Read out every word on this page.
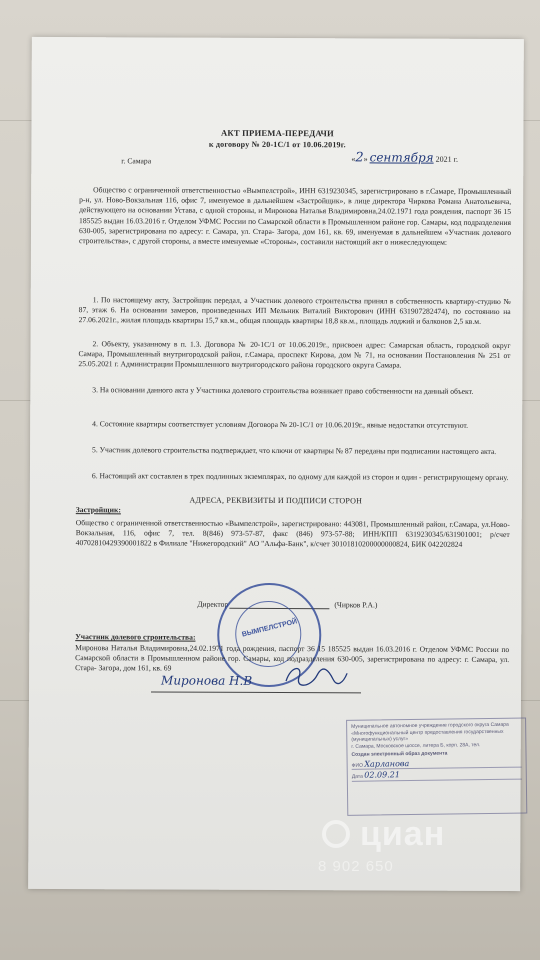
АКТ ПРИЕМА-ПЕРЕДАЧИ
к договору № 20-1С/1 от 10.06.2019г.
г. Самара	«2» сентября 2021 г.
Общество с ограниченной ответственностью «Вымпелстрой», ИНН 6319230345, зарегистрировано в г.Самаре, Промышленный р-н, ул. Ново-Вокзальная 116, офис 7, именуемое в дальнейшем «Застройщик», в лице директора Чиркова Романа Анатольевича, действующего на основании Устава, с одной стороны, и Миронова Наталья Владимировна,24.02.1971 года рождения, паспорт 36 15 185525 выдан 16.03.2016 г. Отделом УФМС России по Самарской области в Промышленном районе гор. Самары, код подразделения 630-005, зарегистрирована по адресу: г. Самара, ул. Стара- Загора, дом 161, кв. 69, именуемая в дальнейшем «Участник долевого строительства», с другой стороны, а вместе именуемые «Стороны», составили настоящий акт о нижеследующем:
1. По настоящему акту, Застройщик передал, а Участник долевого строительства принял в собственность квартиру-студию № 87, этаж 6. На основании замеров, произведенных ИП Мельник Виталий Викторович (ИНН 631907282474), по состоянию на 27.06.2021г., жилая площадь квартиры 15,7 кв.м., общая площадь квартиры 18,8 кв.м., площадь лоджий и балконов 2,5 кв.м.
2. Объекту, указанному в п. 1.3. Договора № 20-1С/1 от 10.06.2019г., присвоен адрес: Самарская область, городской округ Самара, Промышленный внутригородской район, г.Самара, проспект Кирова, дом № 71, на основании Постановления № 251 от 25.05.2021 г. Администрации Промышленного внутригородского района городского округа Самара.
3. На основании данного акта у Участника долевого строительства возникает право собственности на данный объект.
4. Состояние квартиры соответствует условиям Договора № 20-1С/1 от 10.06.2019г., явные недостатки отсутствуют.
5. Участник долевого строительства подтверждает, что ключи от квартиры № 87 переданы при подписании настоящего акта.
6. Настоящий акт составлен в трех подлинных экземплярах, по одному для каждой из сторон и один - регистрирующему органу.
АДРЕСА, РЕКВИЗИТЫ И ПОДПИСИ СТОРОН
Застройщик:
Общество с ограниченной ответственностью «Вымпелстрой», зарегистрировано: 443081, Промышленный район, г.Самара, ул.Ново-Вокзальная, 116, офис 7, тел. 8(846) 973-57-87, факс (846) 973-57-88; ИНН/КПП 6319230345/631901001; р/счет 40702810429390001822 в Филиале "Нижегородский" АО "Альфа-Банк", к/счет 30101810200000000824, БИК 042202824
Директор	(Чирков Р.А.)
ВЫМПЕЛСТРОЙ
Участник долевого строительства:
Миронова Наталья Владимировна,24.02.1971 года рождения, паспорт 36 15 185525 выдан 16.03.2016 г. Отделом УФМС России по Самарской области в Промышленном районе гор. Самары, код подразделения 630-005, зарегистрирована по адресу: г. Самара, ул. Стара- Загора, дом 161, кв. 69
Миронова Н.В
Муниципальное автономное учреждение городского округа Самара «Многофункциональный центр предоставления государственных (муниципальных) услуг»
г. Самара, Московское шоссе, литера Б, корп. 28А, тел.
Создан электронный образ документа
ФИО Харланова
Дата 02.09.21
циан
8 902 650
